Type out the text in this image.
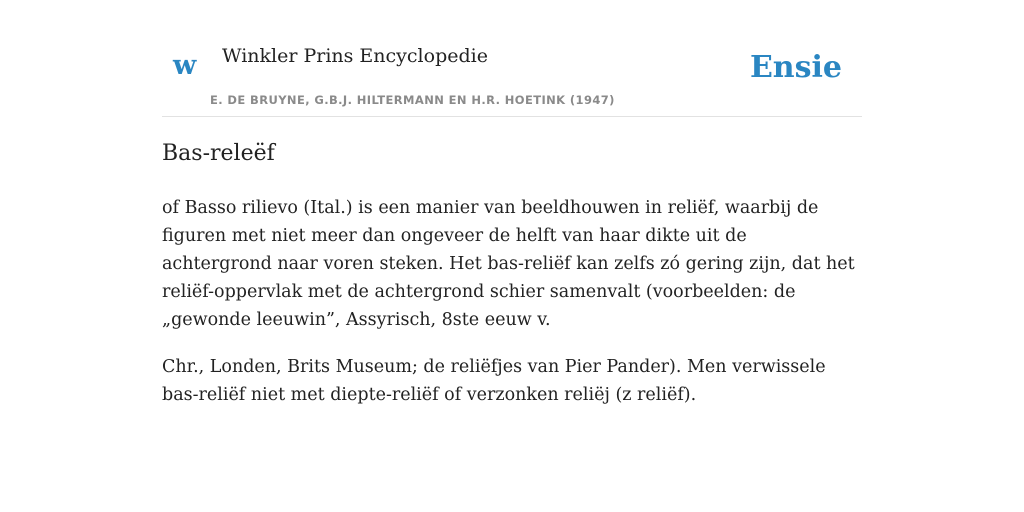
w Winkler Prins Encyclopedie
E. DE BRUYNE, G.B.J. HILTERMANN EN H.R. HOETINK (1947)
Ensie
Bas-releëf

of Basso rilievo (Ital.) is een manier van beeldhouwen in reliëf, waarbij de figuren met niet meer dan ongeveer de helft van haar dikte uit de achtergrond naar voren steken. Het bas-reliëf kan zelfs zó gering zijn, dat het reliëf-oppervlak met de achtergrond schier samenvalt (voorbeelden: de „gewonde leeuwin”, Assyrisch, 8ste eeuw v.

Chr., Londen, Brits Museum; de reliëfjes van Pier Pander). Men verwissele bas-reliëf niet met diepte-reliëf of verzonken reliëj (z reliëf).
